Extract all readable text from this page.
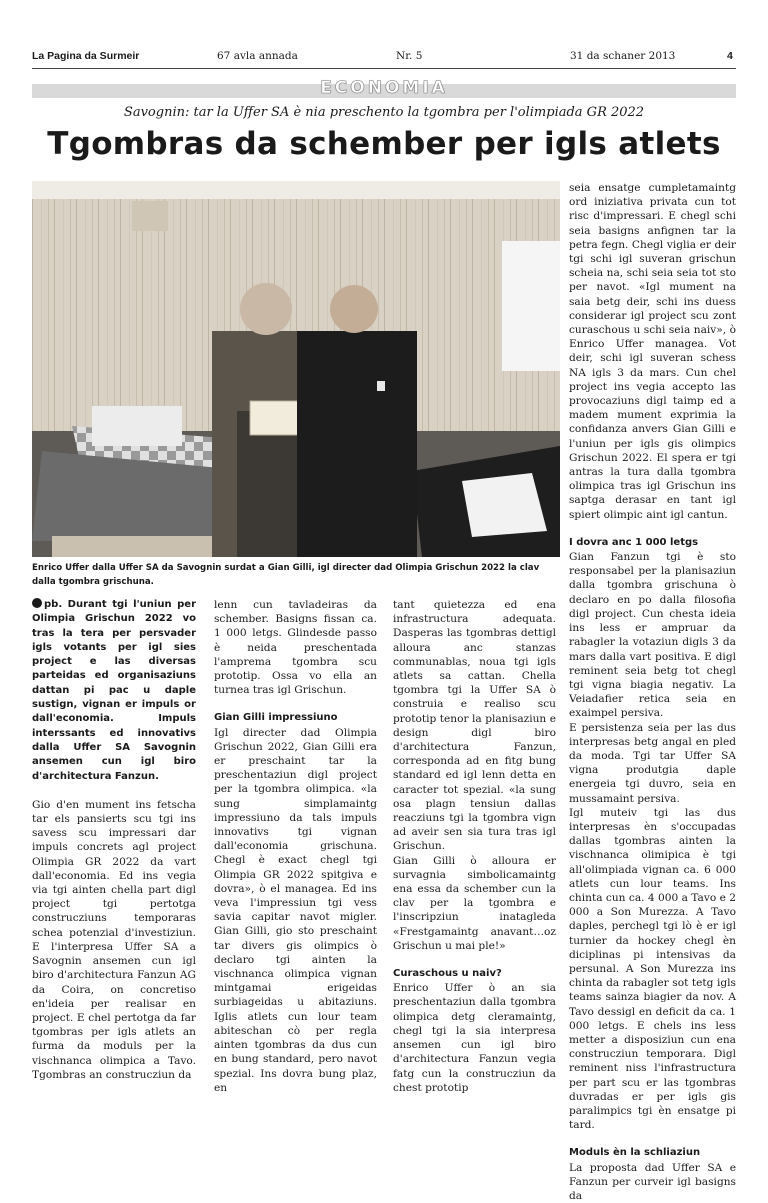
La Pagina da Surmeir	67 avla annada	Nr. 5	31 da schaner 2013	4
ECONOMIA
Savognin: tar la Uffer SA è nia preschento la tgombra per l'olimpiada GR 2022
Tgombras da schember per igls atlets
Enrico Uffer dalla Uffer SA da Savognin surdat a Gian Gilli, igl directer dad Olimpia Grischun 2022 la clav dalla tgombra grischuna.

pb. Durant tgi l'uniun per Olimpia Grischun 2022 vo tras la tera per persvader igls votants per igl sies project e las diversas parteidas ed organisaziuns dattan pi pac u daple sustign, vignan er impuls or dall'economia. Impuls interssants ed innovativs dalla Uffer SA Savognin ansemen cun igl biro d'architectura Fanzun.

Gio d'en mument ins fetscha tar els pansierts scu tgi ins savess scu impressari dar impuls concrets agl project Olimpia GR 2022 da vart dall'economia. Ed ins vegia via tgi ainten chella part digl project tgi pertotga construcziuns temporaras schea potenzial d'investiziun. E l'interpresa Uffer SA a Savognin ansemen cun igl biro d'architectura Fanzun AG da Coira, on concretiso en'ideia per realisar en project. E chel pertotga da far tgombras per igls atlets an furma da moduls per la vischnanca olimpica a Tavo. Tgombras an construcziun da

lenn cun tavladeiras da schember. Basigns fissan ca. 1 000 letgs. Glindesde passo è neida preschentada l'amprema tgombra scu prototip. Ossa vo ella an turnea tras igl Grischun.

Gian Gilli impressiuno

Igl directer dad Olimpia Grischun 2022, Gian Gilli era er preschaint tar la preschentaziun digl project per la tgombra olimpica. «la sung simplamaintg impressiuno da tals impuls innovativs tgi vignan dall'economia grischuna. Chegl è exact chegl tgi Olimpia GR 2022 spitgiva e dovra», ò el managea. Ed ins veva l'impressiun tgi vess savia capitar navot migler. Gian Gilli, gio sto preschaint tar divers gis olimpics ò declaro tgi ainten la vischnanca olimpica vignan mintgamai erigeidas surbiageidas u abitaziuns. Iglis atlets cun lour team abiteschan cò per regla ainten tgombras da dus cun en bung standard, pero navot spezial. Ins dovra bung plaz, en

tant quietezza ed ena infrastructura adequata. Dasperas las tgombras dettigl alloura anc stanzas communablas, noua tgi igls atlets sa cattan. Chella tgombra tgi la Uffer SA ò construia e realiso scu prototip tenor la planisaziun e design digl biro d'architectura Fanzun, corresponda ad en fitg bung standard ed igl lenn detta en caracter tot spezial. «la sung osa plagn tensiun dallas reacziuns tgi la tgombra vign ad aveir sen sia tura tras igl Grischun.

Gian Gilli ò alloura er survagnia simbolicamaintg ena essa da schember cun la clav per la tgombra e l'inscripziun inatagleda «Frestgamaintg anavant…oz Grischun u mai ple!»

Curaschous u naiv?

Enrico Uffer ò an sia preschentaziun dalla tgombra olimpica detg cleramaintg, chegl tgi la sia interpresa ansemen cun igl biro d'architectura Fanzun vegia fatg cun la construcziun da chest prototip

seia ensatge cumpletamaintg ord iniziativa privata cun tot risc d'impressari. E chegl schi seia basigns anfignen tar la petra fegn. Chegl viglia er deir tgi schi igl suveran grischun scheia na, schi seia seia tot sto per navot. «Igl mument na saia betg deir, schi ins duess considerar igl project scu zont curaschous u schi seia naiv», ò Enrico Uffer managea. Vot deir, schi igl suveran schess NA igls 3 da mars. Cun chel project ins vegia accepto las provocaziuns digl taimp ed a madem mument exprimia la confidanza anvers Gian Gilli e l'uniun per igls gis olimpics Grischun 2022. El spera er tgi antras la tura dalla tgombra olimpica tras igl Grischun ins saptga derasar en tant igl spiert olimpic aint igl cantun.

I dovra anc 1 000 letgs

Gian Fanzun tgi è sto responsabel per la planisaziun dalla tgombra grischuna ò declaro en po dalla filosofia digl project. Cun chesta ideia ins less er ampruar da rabagler la votaziun digls 3 da mars dalla vart positiva. E digl reminent seia betg tot chegl tgi vigna biagia negativ. La Veiadafier retica seia en exaimpel persiva.

E persistenza seia per las dus interpresas betg angal en pled da moda. Tgi tar Uffer SA vigna produtgia daple energeia tgi duvro, seia en mussamaint persiva.

Igl muteiv tgi las dus interpresas èn s'occupadas dallas tgombras ainten la vischnanca olimipica è tgi all'olimpiada vignan ca. 6 000 atlets cun lour teams. Ins chinta cun ca. 4 000 a Tavo e 2 000 a Son Murezza. A Tavo daples, perchegl tgi lò è er igl turnier da hockey chegl èn diciplinas pi intensivas da persunal. A Son Murezza ins chinta da rabagler sot tetg igls teams sainza biagier da nov. A Tavo dessigl en deficit da ca. 1 000 letgs. E chels ins less metter a disposiziun cun ena construcziun temporara. Digl reminent niss l'infrastructura per part scu er las tgombras duvradas er per igls gis paralimpics tgi èn ensatge pi tard.

Moduls èn la schliaziun

La proposta dad Uffer SA e Fanzun per curveir igl basigns da
